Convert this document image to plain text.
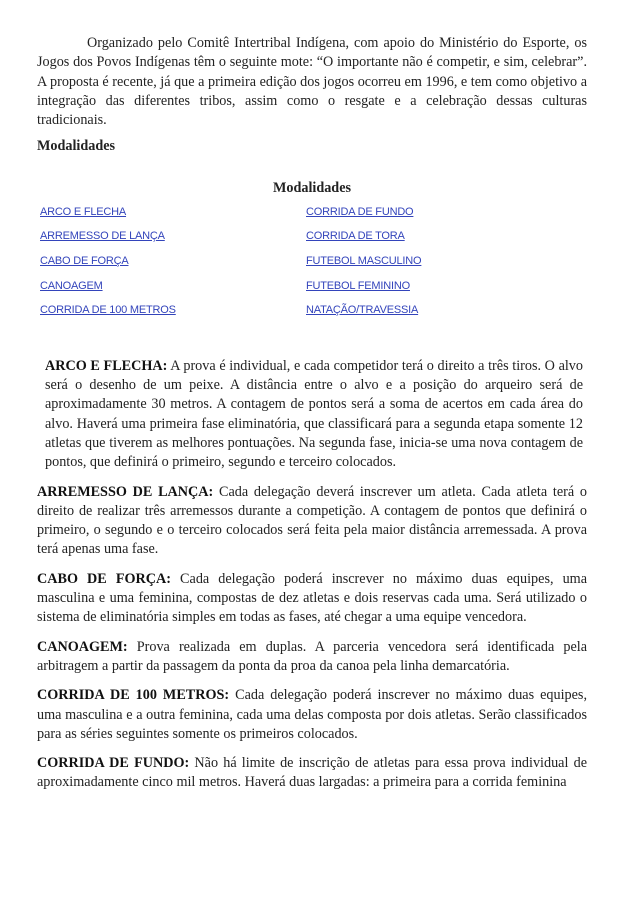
Organizado pelo Comitê Intertribal Indígena, com apoio do Ministério do Esporte, os Jogos dos Povos Indígenas têm o seguinte mote: “O importante não é competir, e sim, celebrar”. A proposta é recente, já que a primeira edição dos jogos ocorreu em 1996, e tem como objetivo a integração das diferentes tribos, assim como o resgate e a celebração dessas culturas tradicionais.

Modalidades

Modalidades
ARCO E FLECHA
ARREMESSO DE LANÇA
CABO DE FORÇA
CANOAGEM
CORRIDA DE 100 METROS
CORRIDA DE FUNDO
CORRIDA DE TORA
FUTEBOL MASCULINO
FUTEBOL FEMININO
NATAÇÃO/TRAVESSIA

ARCO E FLECHA: A prova é individual, e cada competidor terá o direito a três tiros. O alvo será o desenho de um peixe. A distância entre o alvo e a posição do arqueiro será de aproximadamente 30 metros. A contagem de pontos será a soma de acertos em cada área do alvo. Haverá uma primeira fase eliminatória, que classificará para a segunda etapa somente 12 atletas que tiverem as melhores pontuações. Na segunda fase, inicia-se uma nova contagem de pontos, que definirá o primeiro, segundo e terceiro colocados.

ARREMESSO DE LANÇA: Cada delegação deverá inscrever um atleta. Cada atleta terá o direito de realizar três arremessos durante a competição. A contagem de pontos que definirá o primeiro, o segundo e o terceiro colocados será feita pela maior distância arremessada. A prova terá apenas uma fase.

CABO DE FORÇA: Cada delegação poderá inscrever no máximo duas equipes, uma masculina e uma feminina, compostas de dez atletas e dois reservas cada uma. Será utilizado o sistema de eliminatória simples em todas as fases, até chegar a uma equipe vencedora.

CANOAGEM: Prova realizada em duplas. A parceria vencedora será identificada pela arbitragem a partir da passagem da ponta da proa da canoa pela linha demarcatória.

CORRIDA DE 100 METROS: Cada delegação poderá inscrever no máximo duas equipes, uma masculina e a outra feminina, cada uma delas composta por dois atletas. Serão classificados para as séries seguintes somente os primeiros colocados.

CORRIDA DE FUNDO: Não há limite de inscrição de atletas para essa prova individual de aproximadamente cinco mil metros. Haverá duas largadas: a primeira para a corrida feminina
